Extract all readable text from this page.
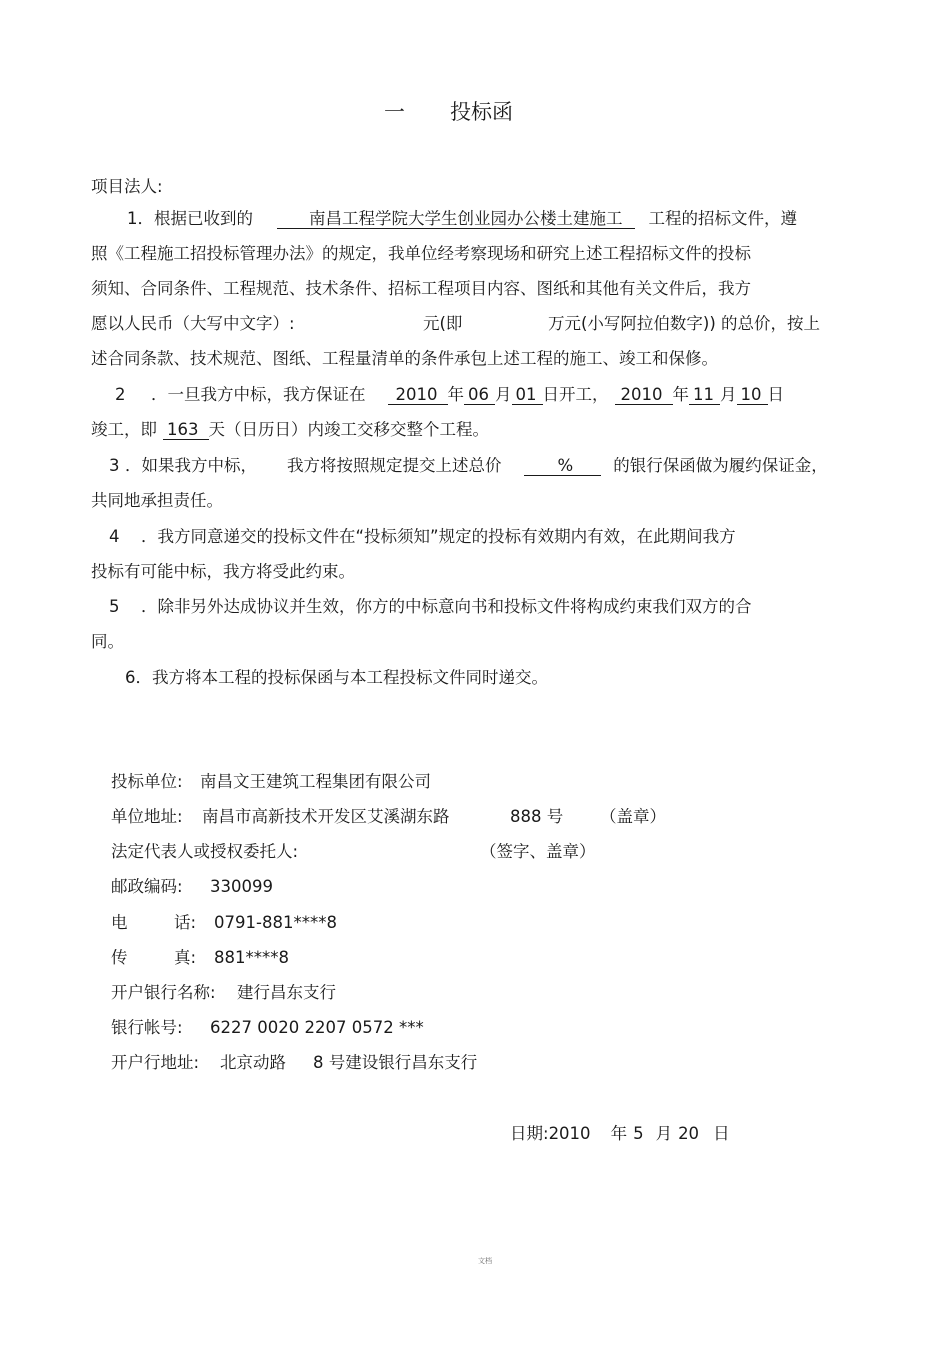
一 投标函
项目法人:
1．根据已收到的	南昌工程学院大学生创业园办公楼土建施工 工程的招标文件，遵
照《工程施工招投标管理办法》的规定，我单位经考察现场和研究上述工程招标文件的投标
须知、合同条件、工程规范、技术条件、招标工程项目内容、图纸和其他有关文件后，我方
愿以人民币（大写中文字）:	元(即	万元(小写阿拉伯数字)) 的总价，按上
述合同条款、技术规范、图纸、工程量清单的条件承包上述工程的施工、竣工和保修。
2 ．一旦我方中标，我方保证在 2010 年 06 月 01 日开工， 2010 年 11 月 10 日
竣工，即 163 天（日历日）内竣工交移交整个工程。
3 ．如果我方中标， 我方将按照规定提交上述总价	% 的银行保函做为履约保证金，
共同地承担责任。
4 ．我方同意递交的投标文件在“投标须知”规定的投标有效期内有效，在此期间我方
投标有可能中标，我方将受此约束。
5 ．除非另外达成协议并生效，你方的中标意向书和投标文件将构成约束我们双方的合
同。
6．我方将本工程的投标保函与本工程投标文件同时递交。
投标单位: 南昌文王建筑工程集团有限公司
单位地址: 南昌市高新技术开发区艾溪湖东路	888 号 （盖章）
法定代表人或授权委托人:	（签字、盖章）
邮政编码: 330099
电	话: 0791-881****8
传	真: 881****8
开户银行名称: 建行昌东支行
银行帐号: 6227 0020 2207 0572 ***
开户行地址: 北京动路 8 号建设银行昌东支行
日期:2010 年 5 月 20 日
文档
